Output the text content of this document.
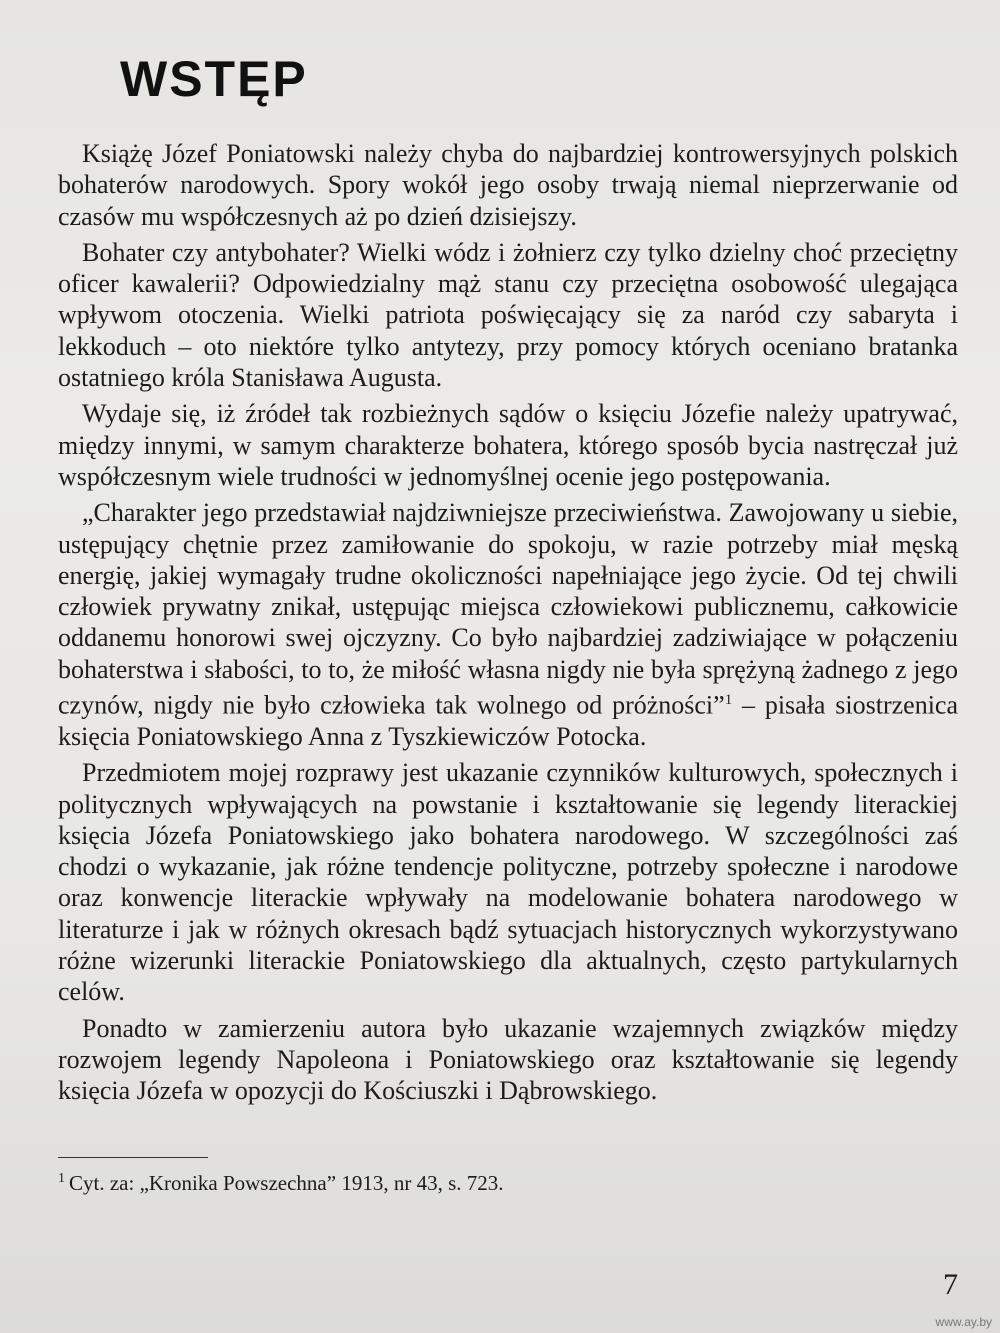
WSTĘP

Książę Józef Poniatowski należy chyba do najbardziej kontrowersyjnych polskich bohaterów narodowych. Spory wokół jego osoby trwają niemal nieprzerwanie od czasów mu współczesnych aż po dzień dzisiejszy.

Bohater czy antybohater? Wielki wódz i żołnierz czy tylko dzielny choć przeciętny oficer kawalerii? Odpowiedzialny mąż stanu czy przeciętna osobowość ulegająca wpływom otoczenia. Wielki patriota poświęcający się za naród czy sabaryta i lekkoduch – oto niektóre tylko antytezy, przy pomocy których oceniano bratanka ostatniego króla Stanisława Augusta.

Wydaje się, iż źródeł tak rozbieżnych sądów o księciu Józefie należy upatrywać, między innymi, w samym charakterze bohatera, którego sposób bycia nastręczał już współczesnym wiele trudności w jednomyślnej ocenie jego postępowania.

„Charakter jego przedstawiał najdziwniejsze przeciwieństwa. Zawojowany u siebie, ustępujący chętnie przez zamiłowanie do spokoju, w razie potrzeby miał męską energię, jakiej wymagały trudne okoliczności napełniające jego życie. Od tej chwili człowiek prywatny znikał, ustępując miejsca człowiekowi publicznemu, całkowicie oddanemu honorowi swej ojczyzny. Co było najbardziej zadziwiające w połączeniu bohaterstwa i słabości, to to, że miłość własna nigdy nie była sprężyną żadnego z jego czynów, nigdy nie było człowieka tak wolnego od próżności”$^1$ – pisała siostrzenica księcia Poniatowskiego Anna z Tyszkiewiczów Potocka.

Przedmiotem mojej rozprawy jest ukazanie czynników kulturowych, społecznych i politycznych wpływających na powstanie i kształtowanie się legendy literackiej księcia Józefa Poniatowskiego jako bohatera narodowego. W szczególności zaś chodzi o wykazanie, jak różne tendencje polityczne, potrzeby społeczne i narodowe oraz konwencje literackie wpływały na modelowanie bohatera narodowego w literaturze i jak w różnych okresach bądź sytuacjach historycznych wykorzystywano różne wizerunki literackie Poniatowskiego dla aktualnych, często partykularnych celów.

Ponadto w zamierzeniu autora było ukazanie wzajemnych związków między rozwojem legendy Napoleona i Poniatowskiego oraz kształtowanie się legendy księcia Józefa w opozycji do Kościuszki i Dąbrowskiego.

$^1$ Cyt. za: „Kronika Powszechna” 1913, nr 43, s. 723.
7
www.ay.by
